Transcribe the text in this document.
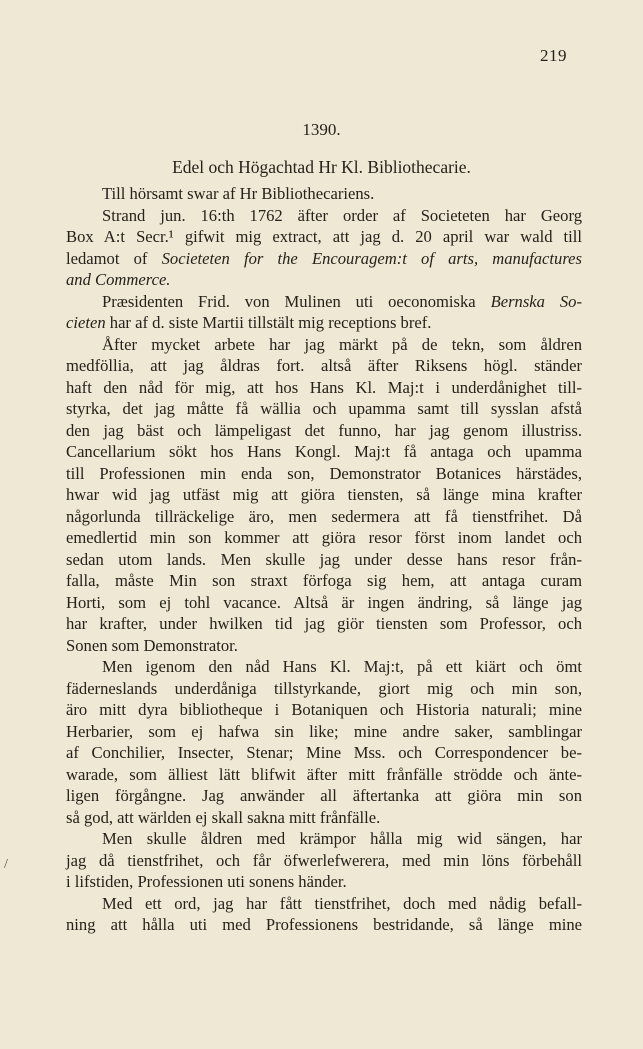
219
1390.
Edel och Högachtad Hr Kl. Bibliothecarie.
/
Till hörsamt swar af Hr Bibliothecariens.
Strand jun. 16:th 1762 äfter order af Societeten har Georg
Box A:t Secr.¹ gifwit mig extract, att jag d. 20 april war wald till
ledamot of Societeten for the Encouragem:t of arts, manufactures
and Commerce.
Præsidenten Frid. von Mulinen uti oeconomiska Bernska So-
cieten har af d. siste Martii tillstält mig receptions bref.
Åfter mycket arbete har jag märkt på de tekn, som åldren
medföllia, att jag åldras fort. altså äfter Riksens högl. ständer
haft den nåd för mig, att hos Hans Kl. Maj:t i underdånighet till-
styrka, det jag måtte få wällia och upamma samt till sysslan afstå
den jag bäst och lämpeligast det funno, har jag genom illustriss.
Cancellarium sökt hos Hans Kongl. Maj:t få antaga och upamma
till Professionen min enda son, Demonstrator Botanices härstädes,
hwar wid jag utfäst mig att giöra tiensten, så länge mina krafter
någorlunda tillräckelige äro, men sedermera att få tienstfrihet. Då
emedlertid min son kommer att giöra resor först inom landet och
sedan utom lands. Men skulle jag under desse hans resor från-
falla, måste Min son straxt förfoga sig hem, att antaga curam
Horti, som ej tohl vacance. Altså är ingen ändring, så länge jag
har krafter, under hwilken tid jag giör tiensten som Professor, och
Sonen som Demonstrator.
Men igenom den nåd Hans Kl. Maj:t, på ett kiärt och ömt
fäderneslands underdåniga tillstyrkande, giort mig och min son,
äro mitt dyra bibliotheque i Botaniquen och Historia naturali; mine
Herbarier, som ej hafwa sin like; mine andre saker, samblingar
af Conchilier, Insecter, Stenar; Mine Mss. och Correspondencer be-
warade, som älliest lätt blifwit äfter mitt frånfälle strödde och änte-
ligen förgångne. Jag anwänder all äftertanka att giöra min son
så god, att wärlden ej skall sakna mitt frånfälle.
Men skulle åldren med krämpor hålla mig wid sängen, har
jag då tienstfrihet, och får öfwerlefwerera, med min löns förbehåll
i lifstiden, Professionen uti sonens händer.
Med ett ord, jag har fått tienstfrihet, doch med nådig befall-
ning att hålla uti med Professionens bestridande, så länge mine
